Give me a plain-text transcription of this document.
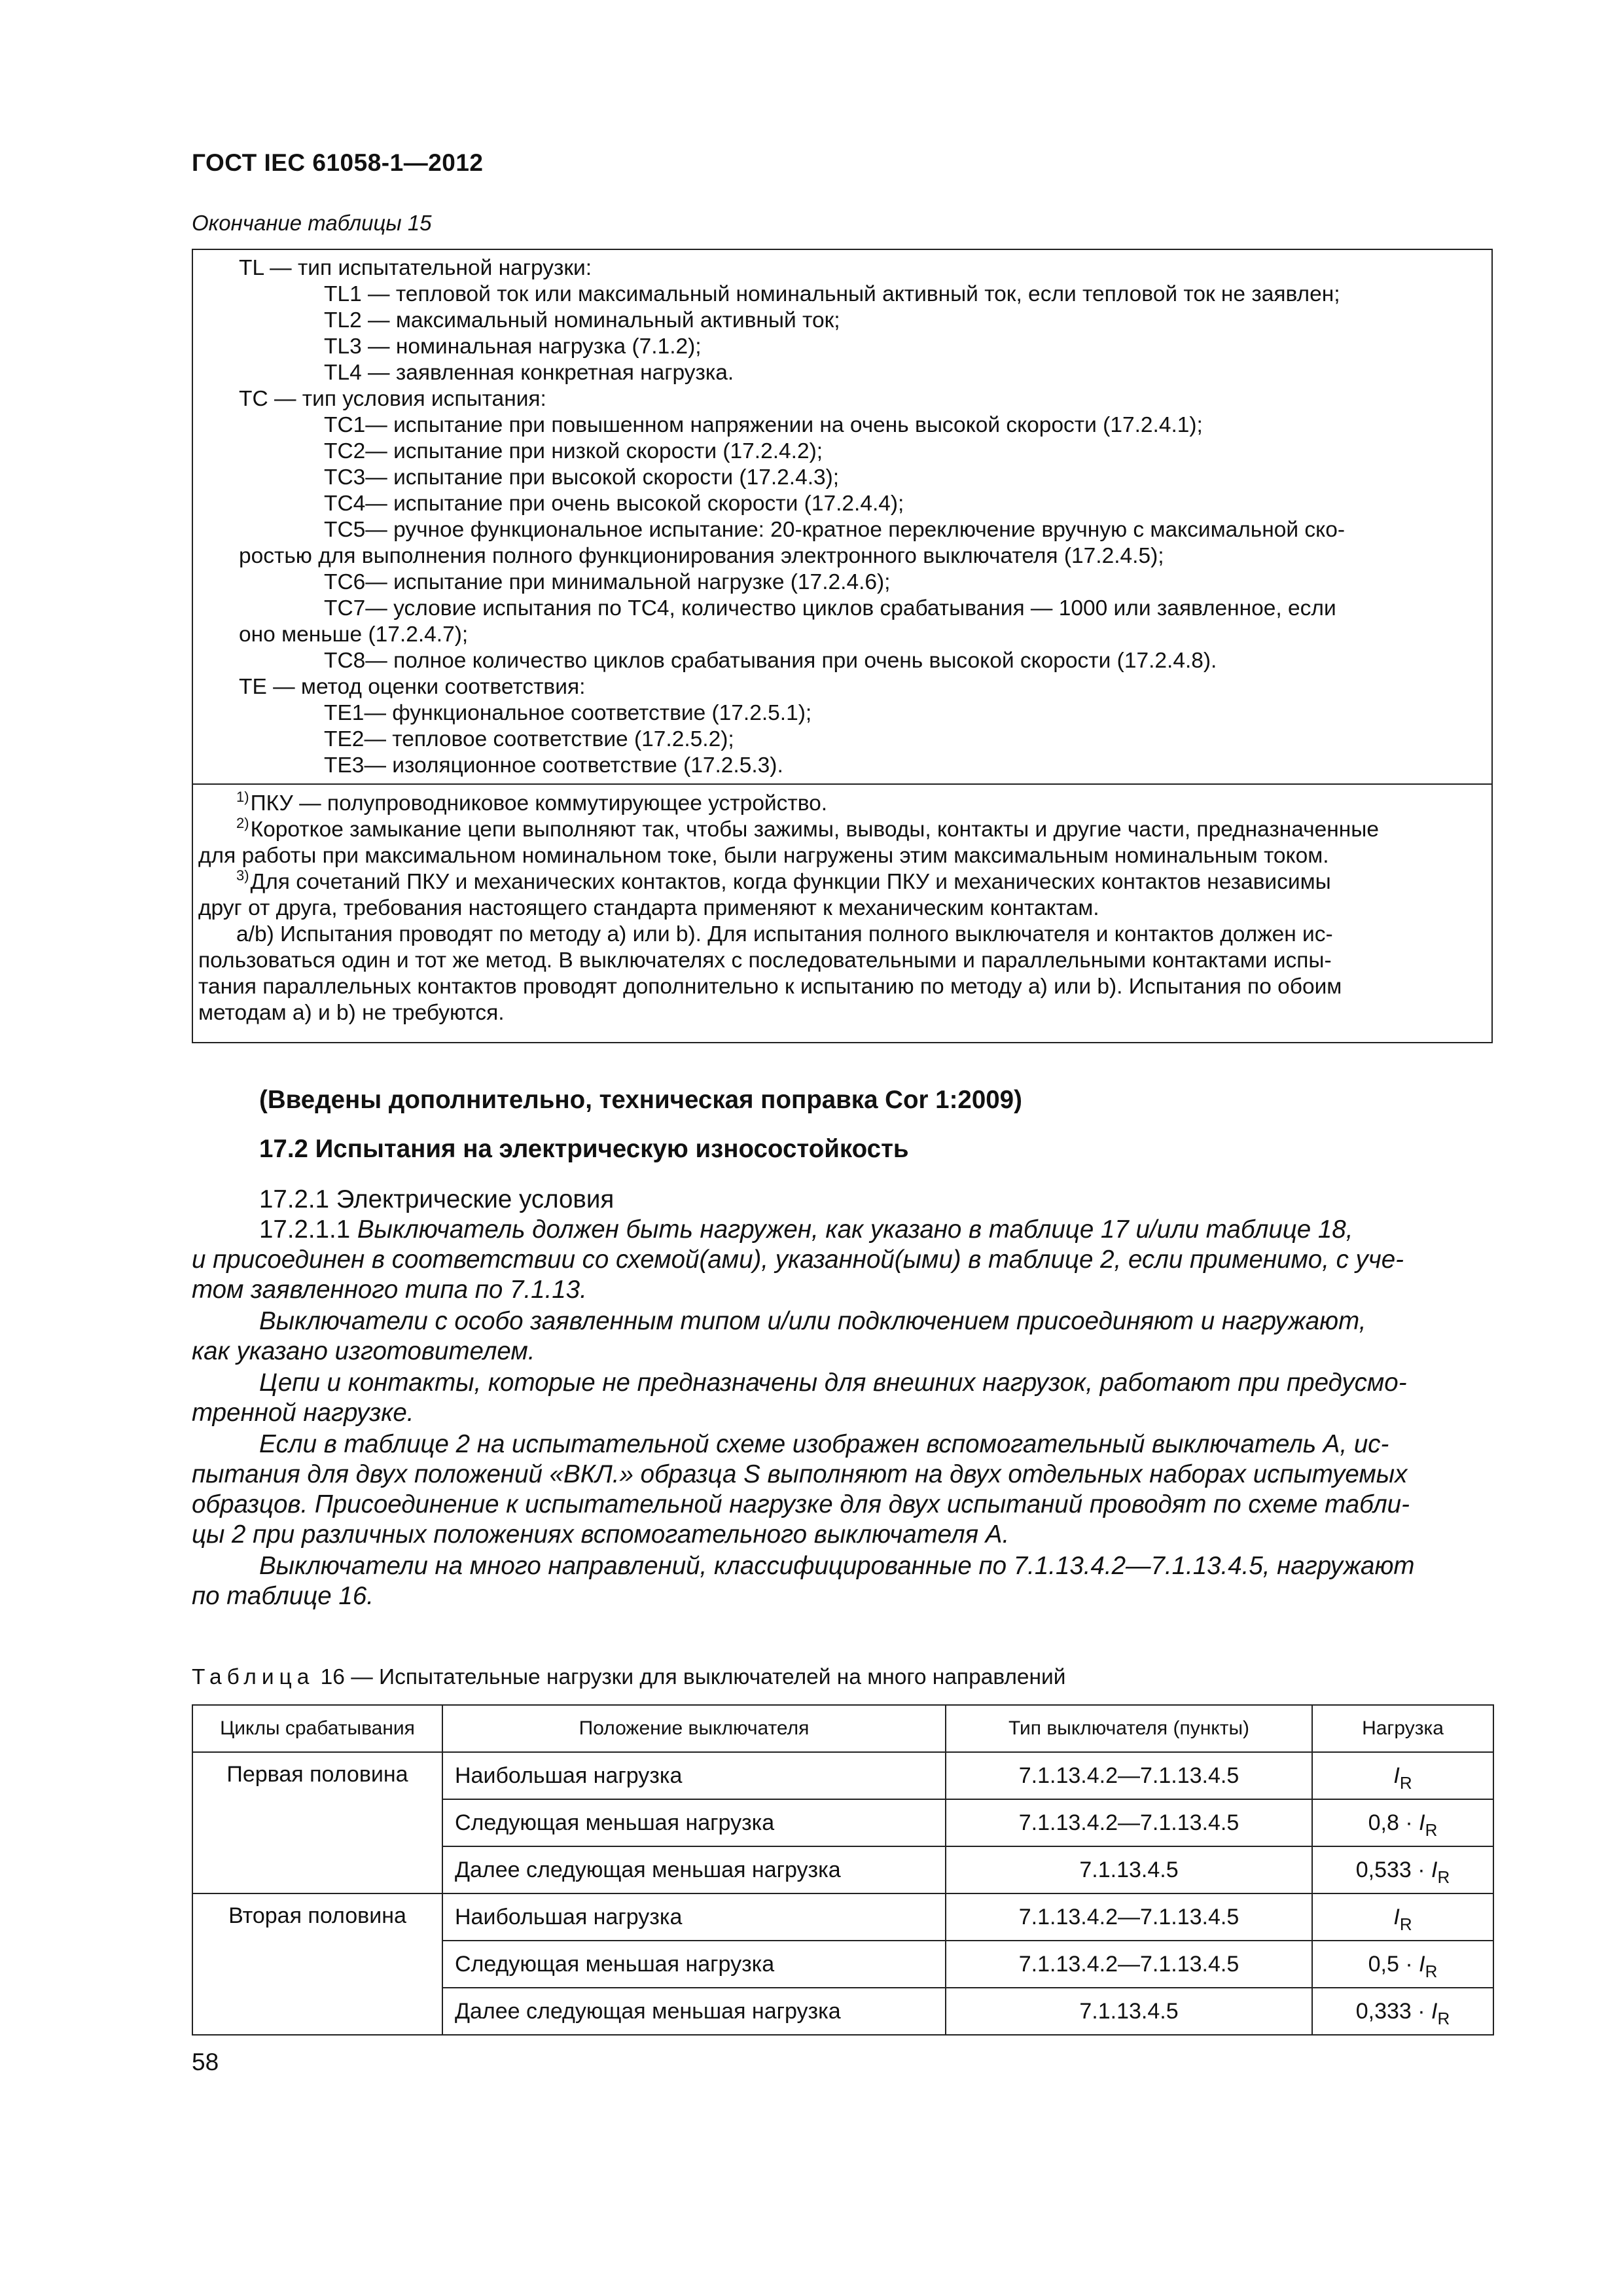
ГОСТ IEC 61058-1—2012
Окончание таблицы 15
TL — тип испытательной нагрузки:
TL1 — тепловой ток или максимальный номинальный активный ток, если тепловой ток не заявлен;
TL2 — максимальный номинальный активный ток;
TL3 — номинальная нагрузка (7.1.2);
TL4 — заявленная конкретная нагрузка.
TC — тип условия испытания:
TC1— испытание при повышенном напряжении на очень высокой скорости (17.2.4.1);
TC2— испытание при низкой скорости (17.2.4.2);
TC3— испытание при высокой скорости (17.2.4.3);
TC4— испытание при очень высокой скорости (17.2.4.4);
TC5— ручное функциональное испытание: 20-кратное переключение вручную с максимальной ско-
ростью для выполнения полного функционирования электронного выключателя (17.2.4.5);
TC6— испытание при минимальной нагрузке (17.2.4.6);
TC7— условие испытания по TC4, количество циклов срабатывания — 1000 или заявленное, если
оно меньше (17.2.4.7);
TC8— полное количество циклов срабатывания при очень высокой скорости (17.2.4.8).
TE — метод оценки соответствия:
TE1— функциональное соответствие (17.2.5.1);
TE2— тепловое соответствие (17.2.5.2);
TE3— изоляционное соответствие (17.2.5.3).
$^{1)}$ПКУ — полупроводниковое коммутирующее устройство.
$^{2)}$Короткое замыкание цепи выполняют так, чтобы зажимы, выводы, контакты и другие части, предназначенные
для работы при максимальном номинальном токе, были нагружены этим максимальным номинальным током.
$^{3)}$Для сочетаний ПКУ и механических контактов, когда функции ПКУ и механических контактов независимы
друг от друга, требования настоящего стандарта применяют к механическим контактам.
a/b) Испытания проводят по методу a) или b). Для испытания полного выключателя и контактов должен ис-
пользоваться один и тот же метод. В выключателях с последовательными и параллельными контактами испы-
тания параллельных контактов проводят дополнительно к испытанию по методу a) или b). Испытания по обоим
методам a) и b) не требуются.
(Введены дополнительно, техническая поправка Cor 1:2009)
17.2 Испытания на электрическую износостойкость
17.2.1 Электрические условия
17.2.1.1 Выключатель должен быть нагружен, как указано в таблице 17 и/или таблице 18,
и присоединен в соответствии со схемой(ами), указанной(ыми) в таблице 2, если применимо, с уче-
том заявленного типа по 7.1.13.
Выключатели с особо заявленным типом и/или подключением присоединяют и нагружают,
как указано изготовителем.
Цепи и контакты, которые не предназначены для внешних нагрузок, работают при предусмо-
тренной нагрузке.
Если в таблице 2 на испытательной схеме изображен вспомогательный выключатель А, ис-
пытания для двух положений «ВКЛ.» образца S выполняют на двух отдельных наборах испытуемых
образцов. Присоединение к испытательной нагрузке для двух испытаний проводят по схеме табли-
цы 2 при различных положениях вспомогательного выключателя А.
Выключатели на много направлений, классифицированные по 7.1.13.4.2—7.1.13.4.5, нагружают
по таблице 16.
Таблица 16 — Испытательные нагрузки для выключателей на много направлений
Циклы срабатывания	Положение выключателя	Тип выключателя (пункты)	Нагрузка
Первая половина	Наибольшая нагрузка	7.1.13.4.2—7.1.13.4.5	$I_R$
	Следующая меньшая нагрузка	7.1.13.4.2—7.1.13.4.5	$0,8 \cdot I_R$
	Далее следующая меньшая нагрузка	7.1.13.4.5	$0,533 \cdot I_R$
Вторая половина	Наибольшая нагрузка	7.1.13.4.2—7.1.13.4.5	$I_R$
	Следующая меньшая нагрузка	7.1.13.4.2—7.1.13.4.5	$0,5 \cdot I_R$
	Далее следующая меньшая нагрузка	7.1.13.4.5	$0,333 \cdot I_R$
58
